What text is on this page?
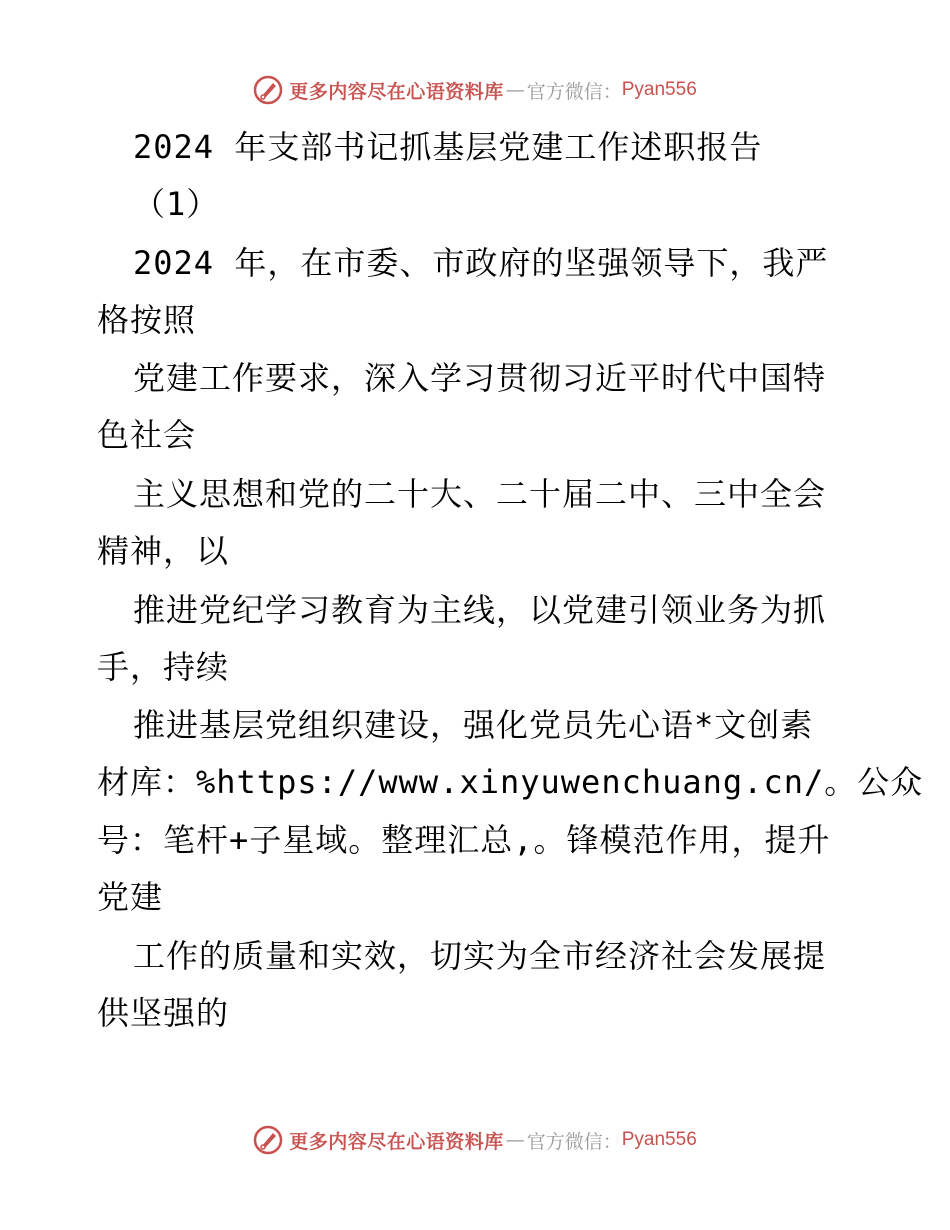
更多内容尽在心语资料库 — 官方微信： Pyan556
2024 年支部书记抓基层党建工作述职报告
（1）
2024 年，在市委、市政府的坚强领导下，我严
格按照
党建工作要求，深入学习贯彻习近平时代中国特
色社会
主义思想和党的二十大、二十届二中、三中全会
精神，以
推进党纪学习教育为主线，以党建引领业务为抓
手，持续
推进基层党组织建设，强化党员先心语*文创素
材库：%https://www.xinyuwenchuang.cn/。公众
号：笔杆+子星域。整理汇总,。锋模范作用，提升
党建
工作的质量和实效，切实为全市经济社会发展提
供坚强的
更多内容尽在心语资料库 — 官方微信： Pyan556
